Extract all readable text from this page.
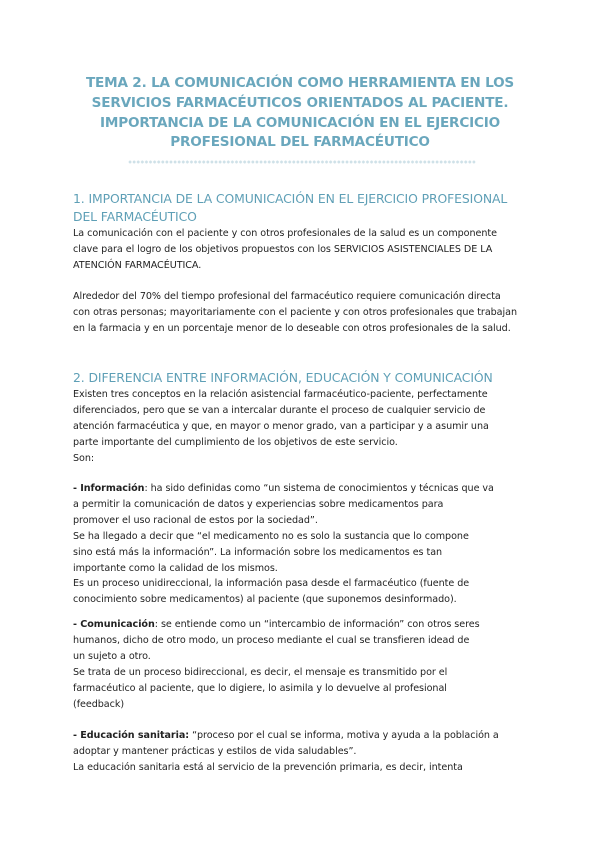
TEMA 2. LA COMUNICACIÓN COMO HERRAMIENTA EN LOS
SERVICIOS FARMACÉUTICOS ORIENTADOS AL PACIENTE.
IMPORTANCIA DE LA COMUNICACIÓN EN EL EJERCICIO
PROFESIONAL DEL FARMACÉUTICO
1. IMPORTANCIA DE LA COMUNICACIÓN EN EL EJERCICIO PROFESIONAL
DEL FARMACÉUTICO
La comunicación con el paciente y con otros profesionales de la salud es un componente
clave para el logro de los objetivos propuestos con los SERVICIOS ASISTENCIALES DE LA
ATENCIÓN FARMACÉUTICA.
Alrededor del 70% del tiempo profesional del farmacéutico requiere comunicación directa
con otras personas; mayoritariamente con el paciente y con otros profesionales que trabajan
en la farmacia y en un porcentaje menor de lo deseable con otros profesionales de la salud.
2. DIFERENCIA ENTRE INFORMACIÓN, EDUCACIÓN Y COMUNICACIÓN
Existen tres conceptos en la relación asistencial farmacéutico-paciente, perfectamente
diferenciados, pero que se van a intercalar durante el proceso de cualquier servicio de
atención farmacéutica y que, en mayor o menor grado, van a participar y a asumir una
parte importante del cumplimiento de los objetivos de este servicio.
Son:
- Información: ha sido definidas como “un sistema de conocimientos y técnicas que va
a permitir la comunicación de datos y experiencias sobre medicamentos para
promover el uso racional de estos por la sociedad”.
Se ha llegado a decir que “el medicamento no es solo la sustancia que lo compone
sino está más la información”. La información sobre los medicamentos es tan
importante como la calidad de los mismos.
Es un proceso unidireccional, la información pasa desde el farmacéutico (fuente de
conocimiento sobre medicamentos) al paciente (que suponemos desinformado).
- Comunicación: se entiende como un “intercambio de información” con otros seres
humanos, dicho de otro modo, un proceso mediante el cual se transfieren idead de
un sujeto a otro.
Se trata de un proceso bidireccional, es decir, el mensaje es transmitido por el
farmacéutico al paciente, que lo digiere, lo asimila y lo devuelve al profesional
(feedback)
- Educación sanitaria: “proceso por el cual se informa, motiva y ayuda a la población a
adoptar y mantener prácticas y estilos de vida saludables”.
La educación sanitaria está al servicio de la prevención primaria, es decir, intenta
